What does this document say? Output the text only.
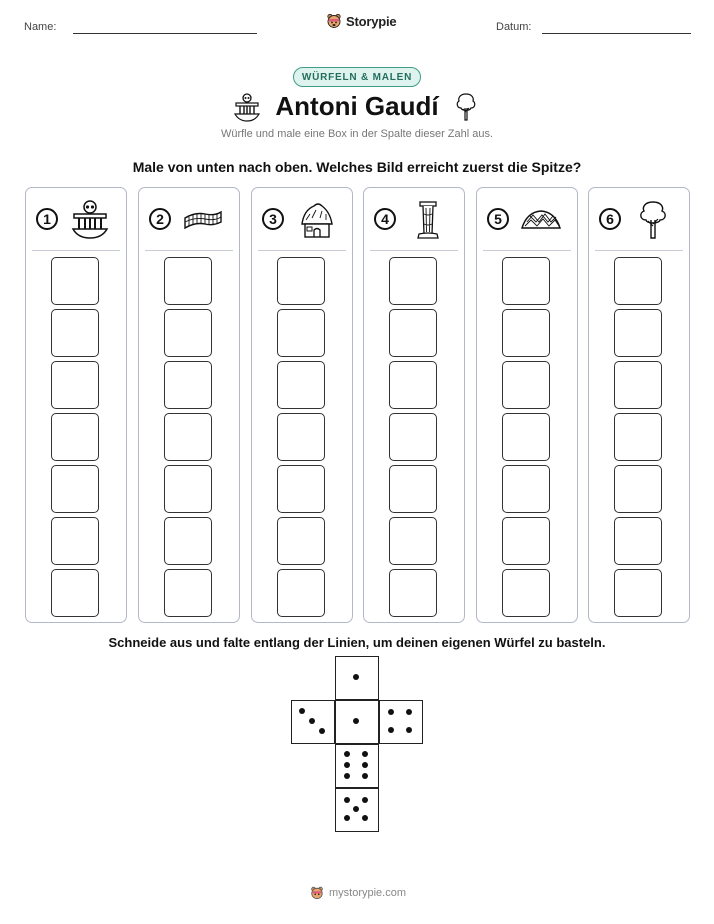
Name:	Storypie	Datum:
WÜRFELN & MALEN
Antoni Gaudí
Würfle und male eine Box in der Spalte dieser Zahl aus.
Male von unten nach oben. Welches Bild erreicht zuerst die Spitze?
1	2	3	4	5	6
Schneide aus und falte entlang der Linien, um deinen eigenen Würfel zu basteln.
mystorypie.com
